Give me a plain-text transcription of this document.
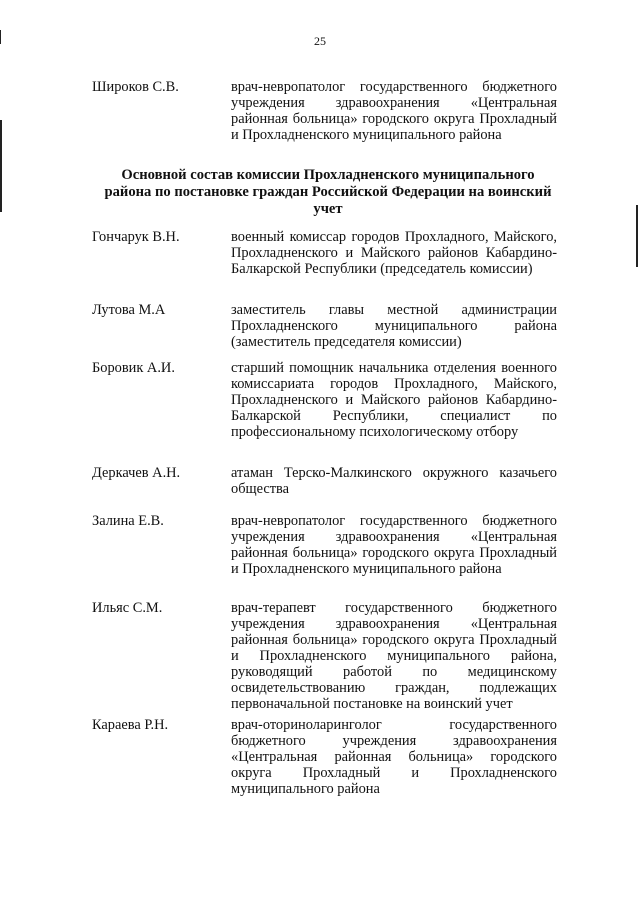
25
Широков С.В.	врач-невропатолог государственного бюджетного учреждения здравоохранения «Центральная районная больница» городского округа Прохладный и Прохладненского муниципального района
Основной состав комиссии Прохладненского муниципального района по постановке граждан Российской Федерации на воинский учет
Гончарук В.Н.	военный комиссар городов Прохладного, Майского, Прохладненского и Майского районов Кабардино-Балкарской Республики (председатель комиссии)
Лутова М.А	заместитель главы местной администрации Прохладненского муниципального района (заместитель председателя комиссии)
Боровик А.И.	старший помощник начальника отделения военного комиссариата городов Прохладного, Майского, Прохладненского и Майского районов Кабардино-Балкарской Республики, специалист по профессиональному психологическому отбору
Деркачев А.Н.	атаман Терско-Малкинского окружного казачьего общества
Залина Е.В.	врач-невропатолог государственного бюджетного учреждения здравоохранения «Центральная районная больница» городского округа Прохладный и Прохладненского муниципального района
Ильяс С.М.	врач-терапевт государственного бюджетного учреждения здравоохранения «Центральная районная больница» городского округа Прохладный и Прохладненского муниципального района, руководящий работой по медицинскому освидетельствованию граждан, подлежащих первоначальной постановке на воинский учет
Караева Р.Н.	врач-оториноларинголог государственного бюджетного учреждения здравоохранения «Центральная районная больница» городского округа Прохладный и Прохладненского муниципального района
